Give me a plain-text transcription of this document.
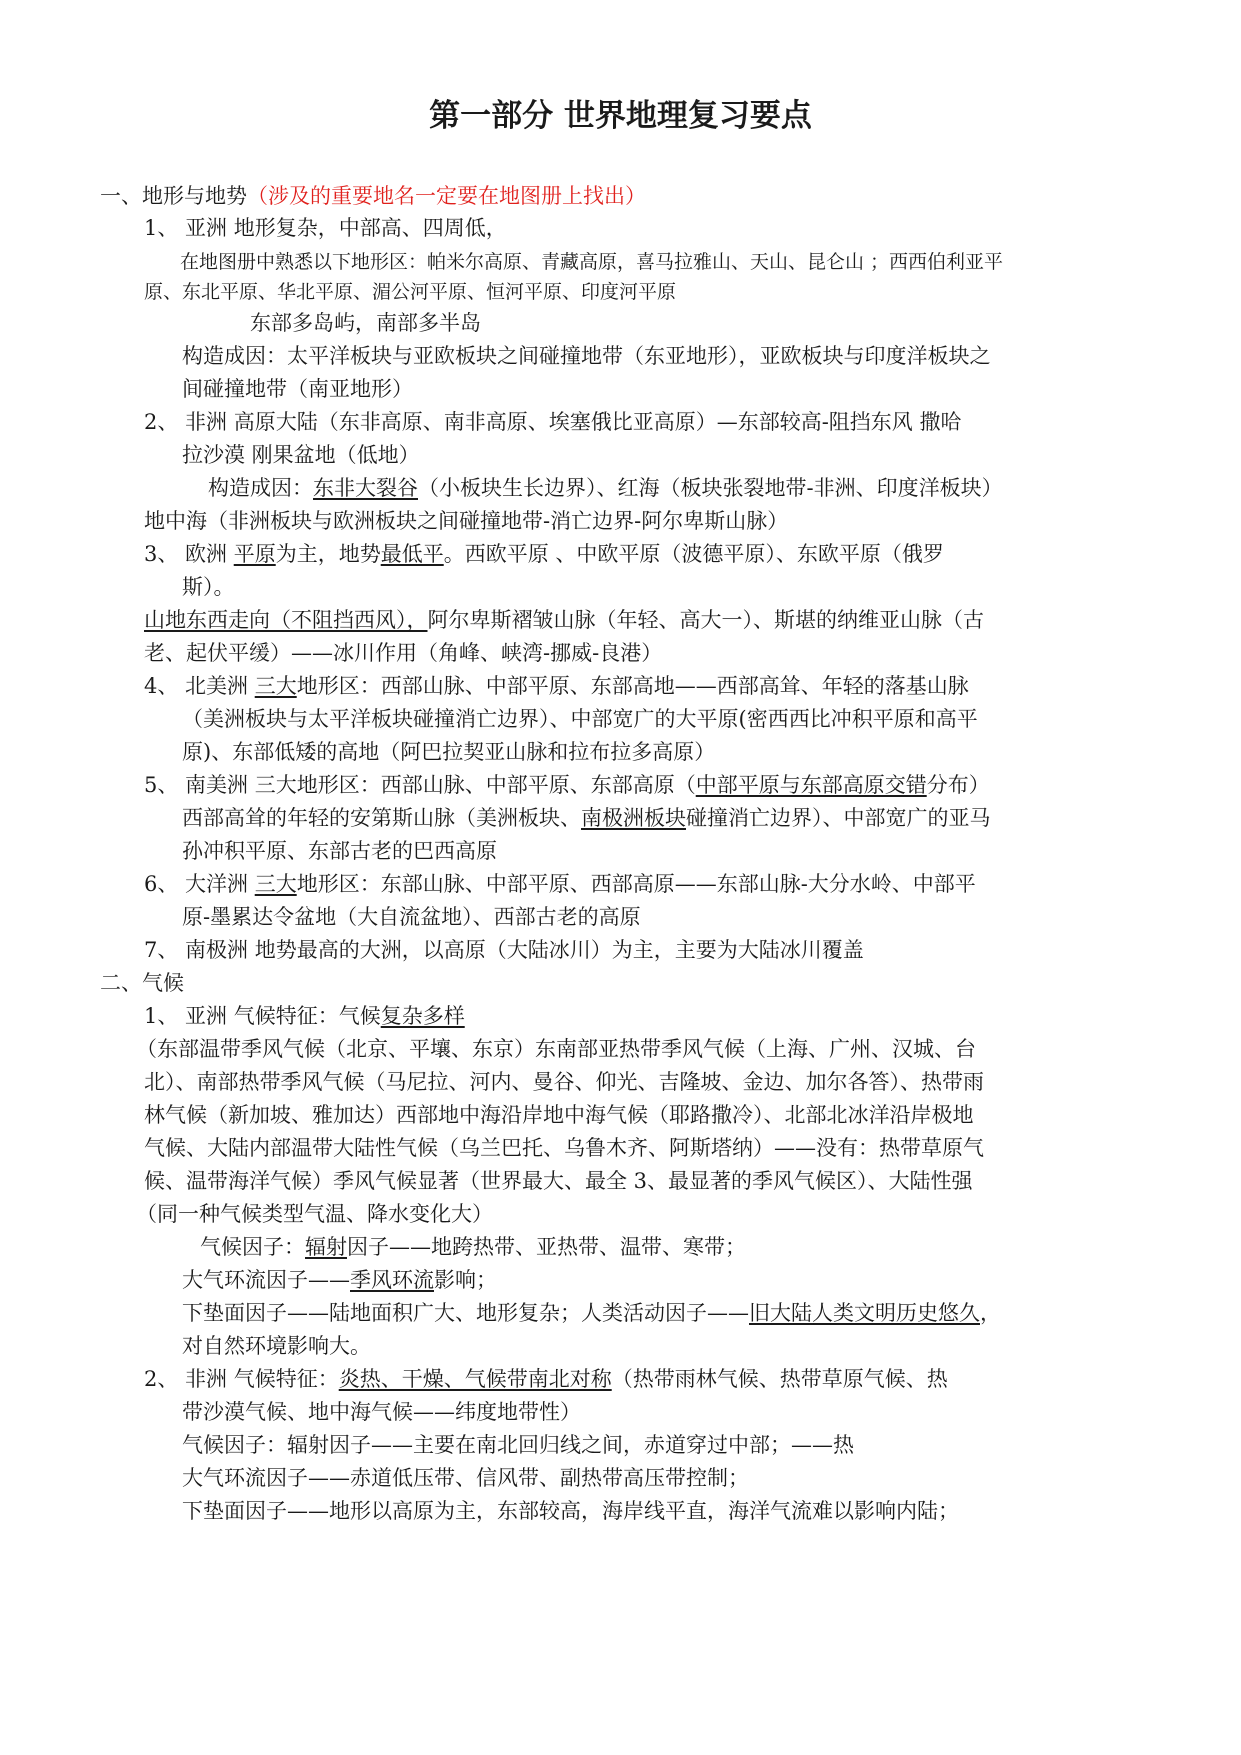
第一部分 世界地理复习要点
一、地形与地势（涉及的重要地名一定要在地图册上找出）
1、 亚洲 地形复杂，中部高、四周低，
在地图册中熟悉以下地形区：帕米尔高原、青藏高原，喜马拉雅山、天山、昆仑山 ；西西伯利亚平
原、东北平原、华北平原、湄公河平原、恒河平原、印度河平原
东部多岛屿，南部多半岛
构造成因：太平洋板块与亚欧板块之间碰撞地带（东亚地形），亚欧板块与印度洋板块之
间碰撞地带（南亚地形）
2、 非洲 高原大陆（东非高原、南非高原、埃塞俄比亚高原）—东部较高-阻挡东风 撒哈
拉沙漠 刚果盆地（低地）
构造成因：东非大裂谷（小板块生长边界）、红海（板块张裂地带-非洲、印度洋板块）
地中海（非洲板块与欧洲板块之间碰撞地带-消亡边界-阿尔卑斯山脉）
3、 欧洲 平原为主，地势最低平。西欧平原 、中欧平原（波德平原）、东欧平原（俄罗
斯）。
山地东西走向（不阻挡西风），阿尔卑斯褶皱山脉（年轻、高大一）、斯堪的纳维亚山脉（古
老、起伏平缓）——冰川作用（角峰、峡湾-挪威-良港）
4、 北美洲 三大地形区：西部山脉、中部平原、东部高地——西部高耸、年轻的落基山脉
（美洲板块与太平洋板块碰撞消亡边界）、中部宽广的大平原(密西西比冲积平原和高平
原)、东部低矮的高地（阿巴拉契亚山脉和拉布拉多高原）
5、 南美洲 三大地形区：西部山脉、中部平原、东部高原（中部平原与东部高原交错分布）
西部高耸的年轻的安第斯山脉（美洲板块、南极洲板块碰撞消亡边界）、中部宽广的亚马
孙冲积平原、东部古老的巴西高原
6、 大洋洲 三大地形区：东部山脉、中部平原、西部高原——东部山脉-大分水岭、中部平
原-墨累达令盆地（大自流盆地）、西部古老的高原
7、 南极洲 地势最高的大洲，以高原（大陆冰川）为主，主要为大陆冰川覆盖
二、气候
1、 亚洲 气候特征：气候复杂多样
（东部温带季风气候（北京、平壤、东京）东南部亚热带季风气候（上海、广州、汉城、台
北）、南部热带季风气候（马尼拉、河内、曼谷、仰光、吉隆坡、金边、加尔各答）、热带雨
林气候（新加坡、雅加达）西部地中海沿岸地中海气候（耶路撒冷）、北部北冰洋沿岸极地
气候、大陆内部温带大陆性气候（乌兰巴托、乌鲁木齐、阿斯塔纳）——没有：热带草原气
候、温带海洋气候）季风气候显著（世界最大、最全 3、最显著的季风气候区）、大陆性强
（同一种气候类型气温、降水变化大）
气候因子：辐射因子——地跨热带、亚热带、温带、寒带；
大气环流因子——季风环流影响；
下垫面因子——陆地面积广大、地形复杂；人类活动因子——旧大陆人类文明历史悠久，
对自然环境影响大。
2、 非洲 气候特征：炎热、干燥、气候带南北对称（热带雨林气候、热带草原气候、热
带沙漠气候、地中海气候——纬度地带性）
气候因子：辐射因子——主要在南北回归线之间，赤道穿过中部；——热
大气环流因子——赤道低压带、信风带、副热带高压带控制；
下垫面因子——地形以高原为主，东部较高，海岸线平直，海洋气流难以影响内陆；
